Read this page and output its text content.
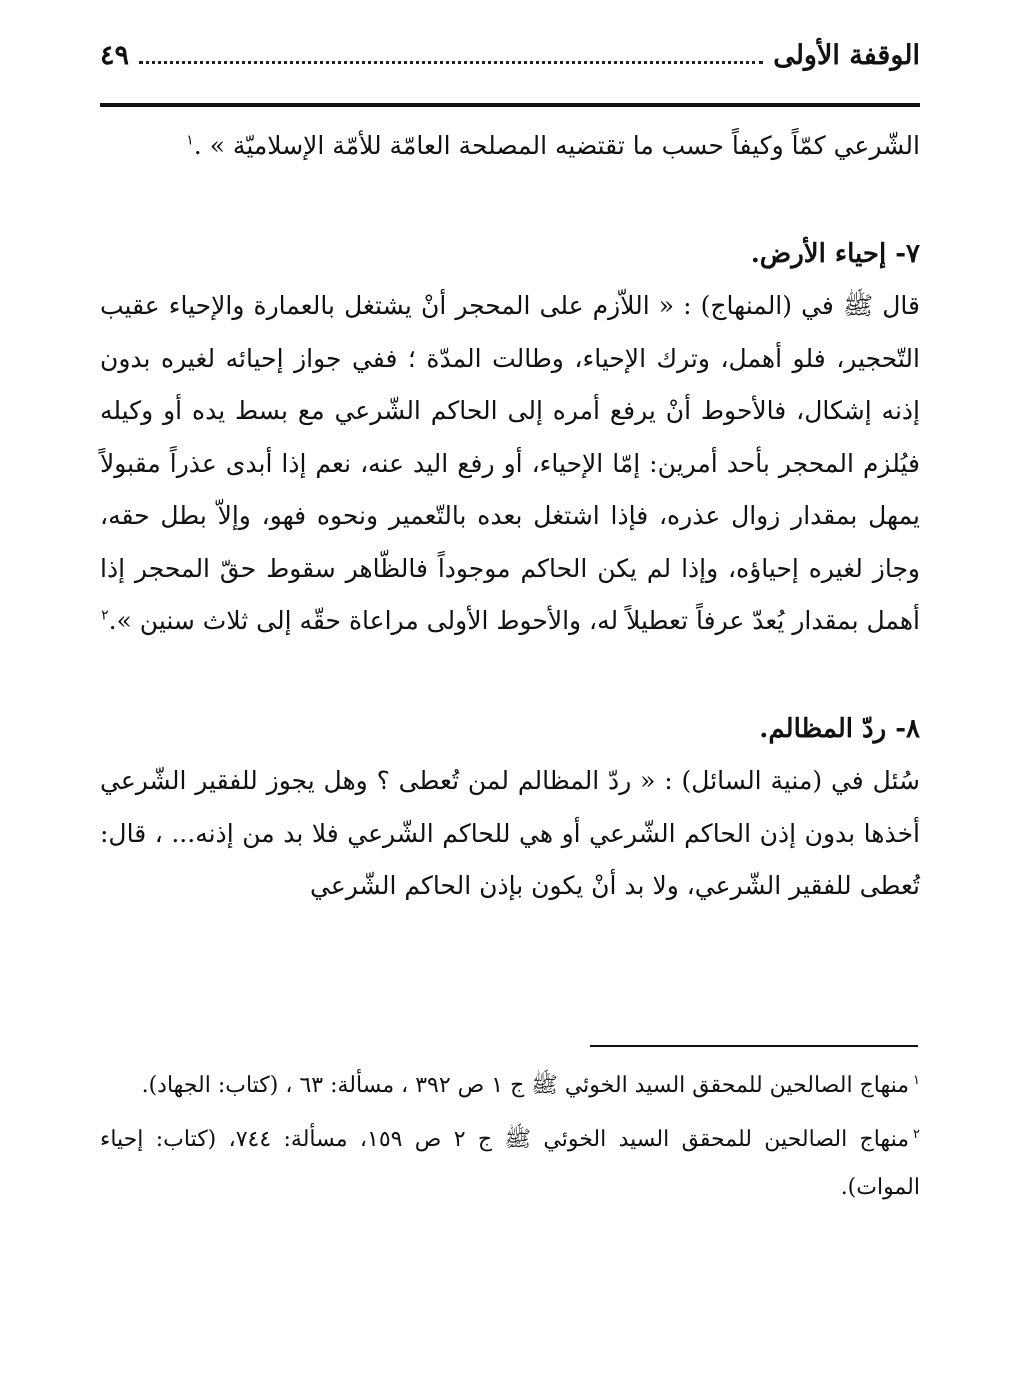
الوقفة الأولى
٤٩

الشّرعي كمّاً وكيفاً حسب ما تقتضيه المصلحة العامّة للأمّة الإسلاميّة » .$^١$

٧- إحياء الأرض.

قال ﷺ في (المنهاج) : « اللاّزم على المحجر أنْ يشتغل بالعمارة والإحياء عقيب التّحجير، فلو أهمل، وترك الإحياء، وطالت المدّة ؛ ففي جواز إحيائه لغيره بدون إذنه إشكال، فالأحوط أنْ يرفع أمره إلى الحاكم الشّرعي مع بسط يده أو وكيله فيُلزم المحجر بأحد أمرين: إمّا الإحياء، أو رفع اليد عنه، نعم إذا أبدى عذراً مقبولاً يمهل بمقدار زوال عذره، فإذا اشتغل بعده بالتّعمير ونحوه فهو، وإلاّ بطل حقه، وجاز لغيره إحياؤه، وإذا لم يكن الحاكم موجوداً فالظّاهر سقوط حقّ المحجر إذا أهمل بمقدار يُعدّ عرفاً تعطيلاً له، والأحوط الأولى مراعاة حقّه إلى ثلاث سنين ».$^٢$

٨- ردّ المظالم.

سُئل في (منية السائل) : « ردّ المظالم لمن تُعطى ؟ وهل يجوز للفقير الشّرعي أخذها بدون إذن الحاكم الشّرعي أو هي للحاكم الشّرعي فلا بد من إذنه... ، قال: تُعطى للفقير الشّرعي، ولا بد أنْ يكون بإذن الحاكم الشّرعي

$^١$منهاج الصالحين للمحقق السيد الخوئي ﷺ ج ١ ص ٣٩٢ ، مسألة: ٦٣ ، (كتاب: الجهاد).

$^٢$منهاج الصالحين للمحقق السيد الخوئي ﷺ ج ٢ ص ١٥٩، مسألة: ٧٤٤، (كتاب: إحياء الموات).
